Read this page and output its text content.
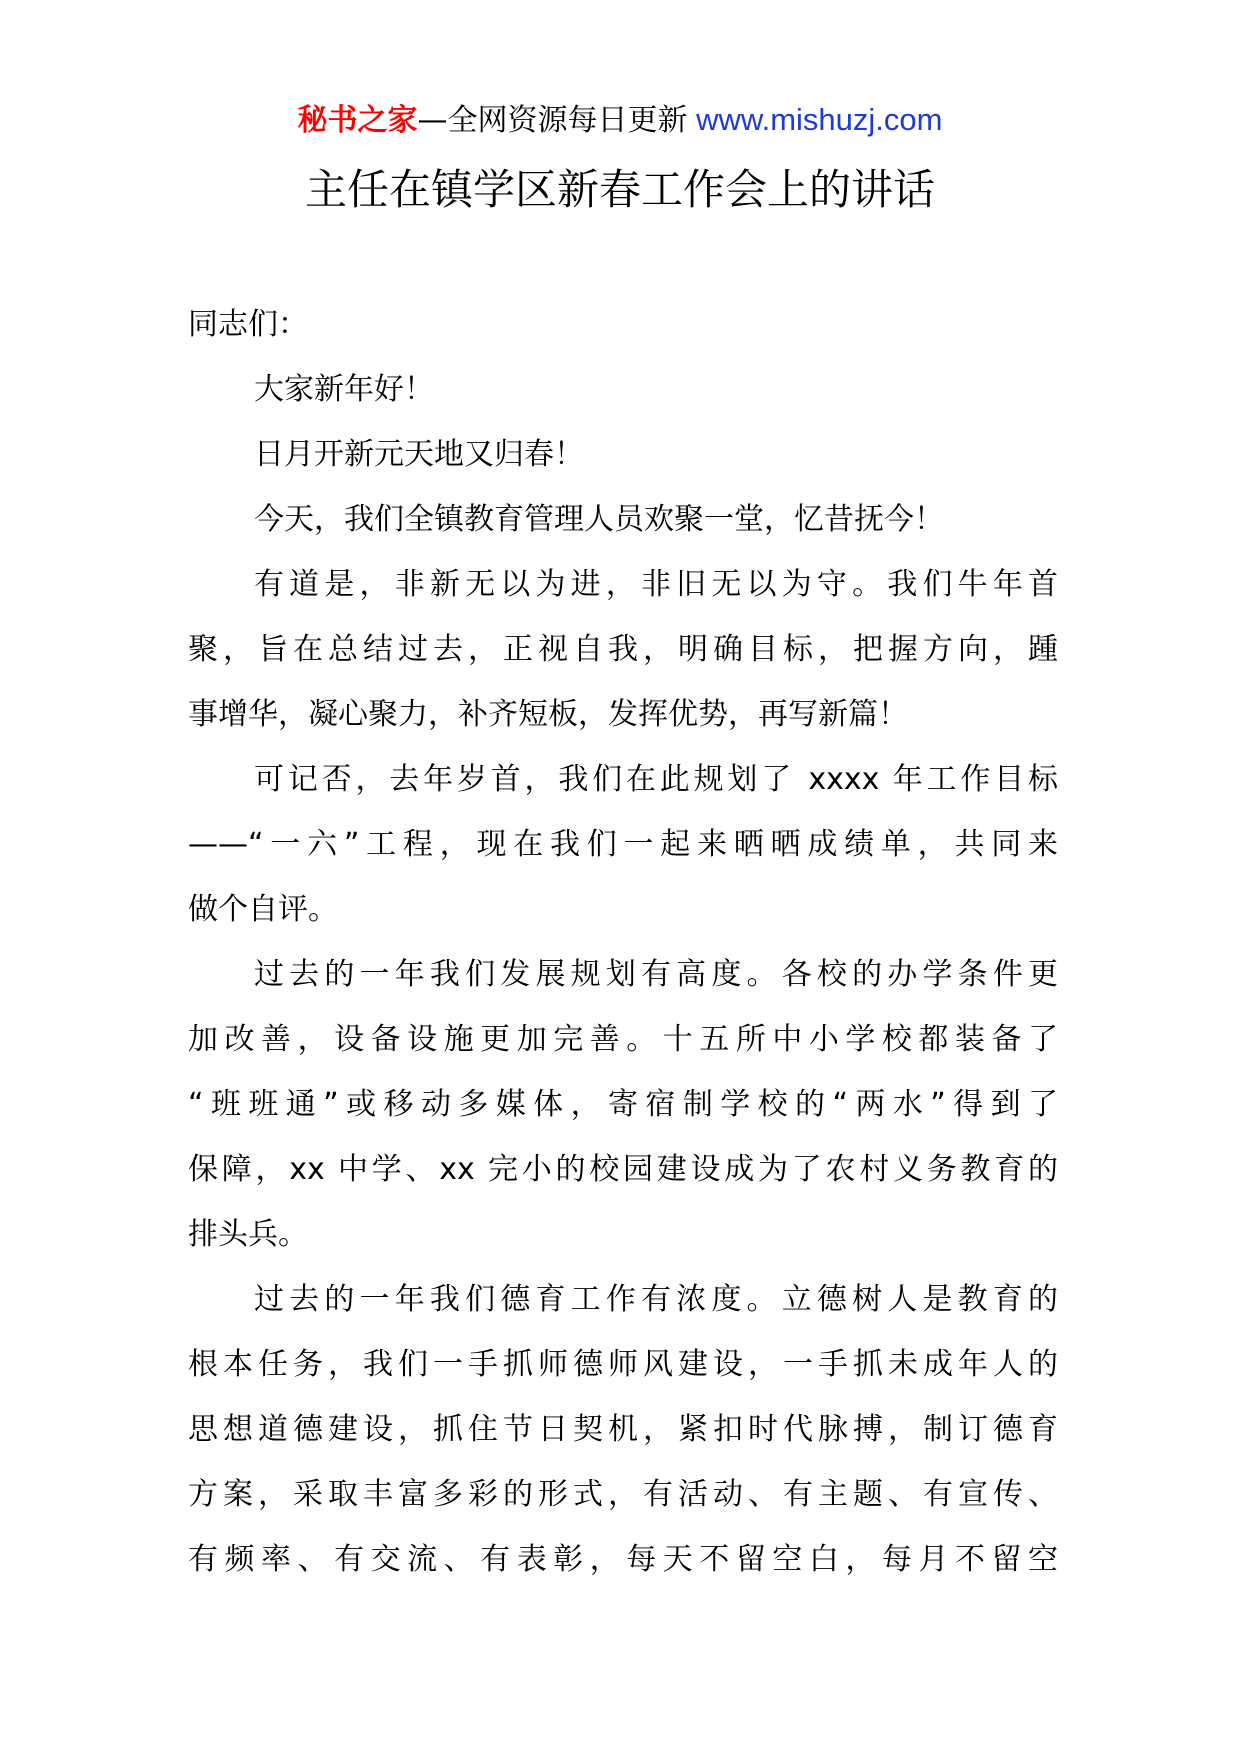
秘书之家—全网资源每日更新 www.mishuzj.com
主任在镇学区新春工作会上的讲话
同志们：
大家新年好！
日月开新元天地又归春！
今天，我们全镇教育管理人员欢聚一堂，忆昔抚今！
有道是，非新无以为进，非旧无以为守。我们牛年首
聚，旨在总结过去，正视自我，明确目标，把握方向，踵
事增华，凝心聚力，补齐短板，发挥优势，再写新篇！
可记否，去年岁首，我们在此规划了 xxxx 年工作目标
——“一六”工程，现在我们一起来晒晒成绩单，共同来
做个自评。
过去的一年我们发展规划有高度。各校的办学条件更
加改善，设备设施更加完善。十五所中小学校都装备了
“班班通”或移动多媒体，寄宿制学校的“两水”得到了
保障，xx 中学、xx 完小的校园建设成为了农村义务教育的
排头兵。
过去的一年我们德育工作有浓度。立德树人是教育的
根本任务，我们一手抓师德师风建设，一手抓未成年人的
思想道德建设，抓住节日契机，紧扣时代脉搏，制订德育
方案，采取丰富多彩的形式，有活动、有主题、有宣传、
有频率、有交流、有表彰，每天不留空白，每月不留空
